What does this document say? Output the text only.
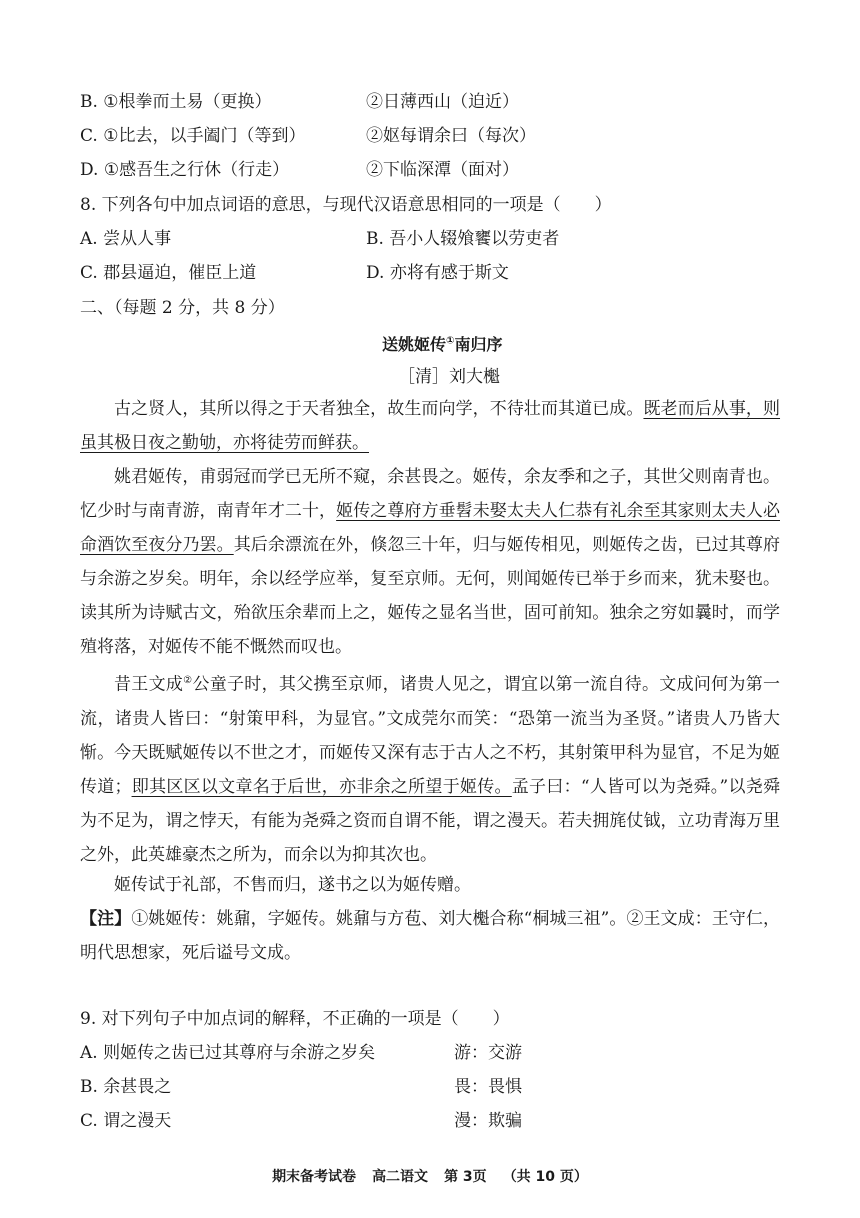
B. ①根拳而土易（更换）	②日薄西山（迫近）
C. ①比去，以手阖门（等到）	②妪每谓余曰（每次）
D. ①感吾生之行休（行走）	②下临深潭（面对）
8. 下列各句中加点词语的意思，与现代汉语意思相同的一项是（　　）
A. 尝从人事	B. 吾小人辍飧饔以劳吏者
C. 郡县逼迫，催臣上道	D. 亦将有感于斯文
二、（每题 2 分，共 8 分）
送姚姬传①南归序
［清］刘大櫆
古之贤人，其所以得之于天者独全，故生而向学，不待壮而其道已成。既老而后从事，则虽其极日夜之勤劬，亦将徒劳而鲜获。
姚君姬传，甫弱冠而学已无所不窥，余甚畏之。姬传，余友季和之子，其世父则南青也。忆少时与南青游，南青年才二十，姬传之尊府方垂髫未娶太夫人仁恭有礼余至其家则太夫人必命酒饮至夜分乃罢。其后余漂流在外，倏忽三十年，归与姬传相见，则姬传之齿，已过其尊府与余游之岁矣。明年，余以经学应举，复至京师。无何，则闻姬传已举于乡而来，犹未娶也。读其所为诗赋古文，殆欲压余辈而上之，姬传之显名当世，固可前知。独余之穷如曩时，而学殖将落，对姬传不能不慨然而叹也。
昔王文成②公童子时，其父携至京师，诸贵人见之，谓宜以第一流自待。文成问何为第一流，诸贵人皆曰：“射策甲科，为显官。”文成莞尔而笑：“恐第一流当为圣贤。”诸贵人乃皆大惭。今天既赋姬传以不世之才，而姬传又深有志于古人之不朽，其射策甲科为显官，不足为姬传道；即其区区以文章名于后世，亦非余之所望于姬传。孟子曰：“人皆可以为尧舜。”以尧舜为不足为，谓之悖天，有能为尧舜之资而自谓不能，谓之漫天。若夫拥旄仗钺，立功青海万里之外，此英雄豪杰之所为，而余以为抑其次也。
姬传试于礼部，不售而归，遂书之以为姬传赠。
【注】①姚姬传：姚鼐，字姬传。姚鼐与方苞、刘大櫆合称“桐城三祖”。②王文成：王守仁，明代思想家，死后谥号文成。
9. 对下列句子中加点词的解释，不正确的一项是（　　）
A. 则姬传之齿已过其尊府与余游之岁矣	游：交游
B. 余甚畏之	畏：畏惧
C. 谓之漫天	漫：欺骗
期末备考试卷 高二语文 第 3页 （共 10 页）
